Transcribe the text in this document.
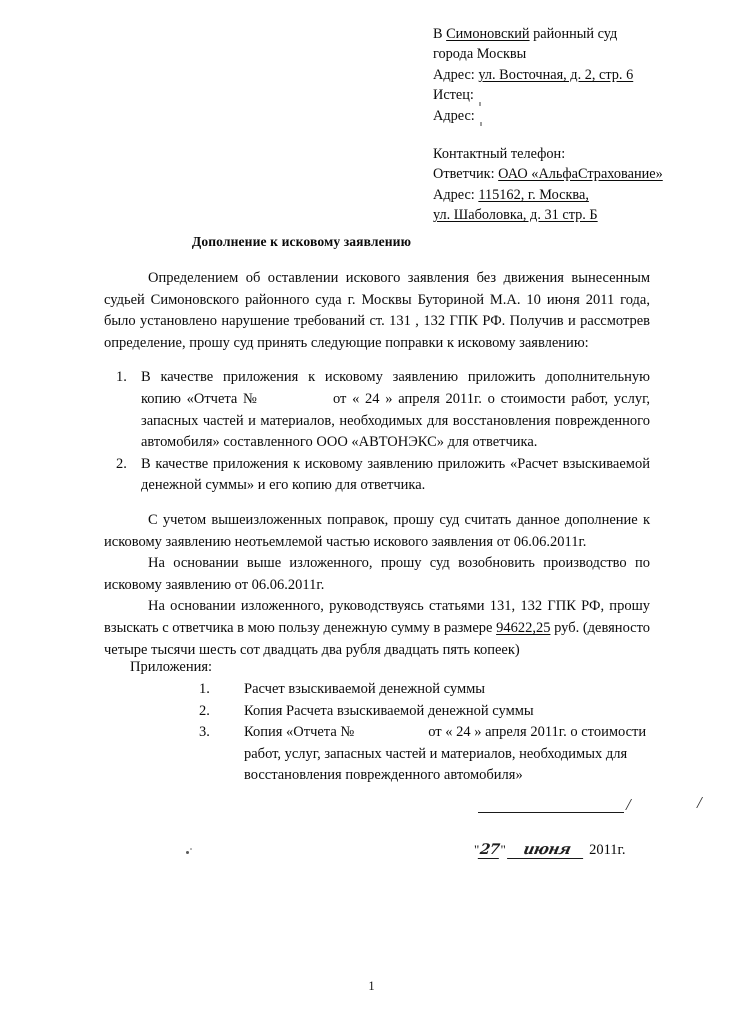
В Симоновский районный суд
города Москвы
Адрес: ул. Восточная, д. 2, стр. 6
Истец:
Адрес:
Контактный телефон:
Ответчик: ОАО «АльфаСтрахование»
Адрес: 115162, г. Москва,
ул. Шаболовка, д. 31 стр. Б
Дополнение к исковому заявлению

Определением об оставлении искового заявления без движения вынесенным судьей Симоновского районного суда г. Москвы Буториной М.А. 10 июня 2011 года, было установлено нарушение требований ст. 131 , 132 ГПК РФ. Получив и рассмотрев определение, прошу суд принять следующие поправки к исковому заявлению:

В качестве приложения к исковому заявлению приложить дополнительную копию «Отчета №	от « 24 » апреля 2011г. о стоимости работ, услуг, запасных частей и материалов, необходимых для восстановления поврежденного автомобиля» составленного ООО «АВТОНЭКС» для ответчика.
В качестве приложения к исковому заявлению приложить «Расчет взыскиваемой денежной суммы» и его копию для ответчика.

С учетом вышеизложенных поправок, прошу суд считать данное дополнение к исковому заявлению неотьемлемой частью искового заявления от 06.06.2011г.

На основании выше изложенного, прошу суд возобновить производство по исковому заявлению от 06.06.2011г.

На основании изложенного, руководствуясь статьями 131, 132 ГПК РФ, прошу взыскать с ответчика в мою пользу денежную сумму в размере 94622,25 руб. (девяносто четыре тысячи шесть сот двадцать два рубля двадцать пять копеек)

Приложения:
Расчет взыскиваемой денежной суммы
Копия Расчета взыскиваемой денежной суммы
Копия «Отчета №	от « 24 » апреля 2011г. о стоимости работ, услуг, запасных частей и материалов, необходимых для восстановления поврежденного автомобиля»
/	/
"27" июня 2011г.
1
